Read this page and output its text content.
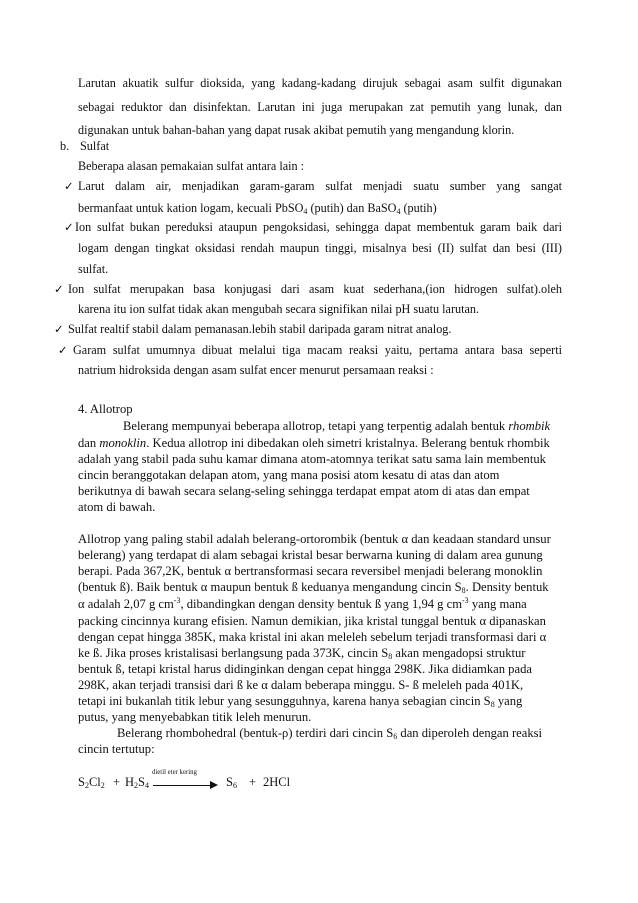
Larutan akuatik sulfur dioksida, yang kadang-kadang dirujuk sebagai asam sulfit digunakan
sebagai reduktor dan disinfektan. Larutan ini juga merupakan zat pemutih yang lunak, dan
digunakan untuk bahan-bahan yang dapat rusak akibat pemutih yang mengandung klorin.
b. Sulfat
Beberapa alasan pemakaian sulfat antara lain :
✓ Larut dalam air, menjadikan garam-garam sulfat menjadi suatu sumber yang sangat
bermanfaat untuk kation logam, kecuali PbSO$_4$ (putih) dan BaSO$_4$ (putih)
✓ Ion sulfat bukan pereduksi ataupun pengoksidasi, sehingga dapat membentuk garam baik dari
logam dengan tingkat oksidasi rendah maupun tinggi, misalnya besi (II) sulfat dan besi (III)
sulfat.
✓ Ion sulfat merupakan basa konjugasi dari asam kuat sederhana,(ion hidrogen sulfat).oleh
karena itu ion sulfat tidak akan mengubah secara signifikan nilai pH suatu larutan.
✓ Sulfat realtif stabil dalam pemanasan.lebih stabil daripada garam nitrat analog.
✓ Garam sulfat umumnya dibuat melalui tiga macam reaksi yaitu, pertama antara basa seperti
natrium hidroksida dengan asam sulfat encer menurut persamaan reaksi :
4. Allotrop
Belerang mempunyai beberapa allotrop, tetapi yang terpentig adalah bentuk rhombik
dan monoklin. Kedua allotrop ini dibedakan oleh simetri kristalnya. Belerang bentuk rhombik
adalah yang stabil pada suhu kamar dimana atom-atomnya terikat satu sama lain membentuk
cincin beranggotakan delapan atom, yang mana posisi atom kesatu di atas dan atom
berikutnya di bawah secara selang-seling sehingga terdapat empat atom di atas dan empat
atom di bawah.
Allotrop yang paling stabil adalah belerang-ortorombik (bentuk α dan keadaan standard unsur
belerang) yang terdapat di alam sebagai kristal besar berwarna kuning di dalam area gunung
berapi. Pada 367,2K, bentuk α bertransformasi secara reversibel menjadi belerang monoklin
(bentuk ß). Baik bentuk α maupun bentuk ß keduanya mengandung cincin $S_8$. Density bentuk
α adalah 2,07 g $cm^{-3}$, dibandingkan dengan density bentuk ß yang 1,94 g $cm^{-3}$ yang mana
packing cincinnya kurang efisien. Namun demikian, jika kristal tunggal bentuk α dipanaskan
dengan cepat hingga 385K, maka kristal ini akan meleleh sebelum terjadi transformasi dari α
ke ß. Jika proses kristalisasi berlangsung pada 373K, cincin $S_8$ akan mengadopsi struktur
bentuk ß, tetapi kristal harus didinginkan dengan cepat hingga 298K. Jika didiamkan pada
298K, akan terjadi transisi dari ß ke α dalam beberapa minggu. S- ß meleleh pada 401K,
tetapi ini bukanlah titik lebur yang sesungguhnya, karena hanya sebagian cincin $S_8$ yang
putus, yang menyebabkan titik leleh menurun.
Belerang rhombohedral (bentuk-ρ) terdiri dari cincin $S_6$ dan diperoleh dengan reaksi
cincin tertutup:
dietil eter kering
$S_2Cl_2 + H_2S_4$	$S_6 + 2HCl$
